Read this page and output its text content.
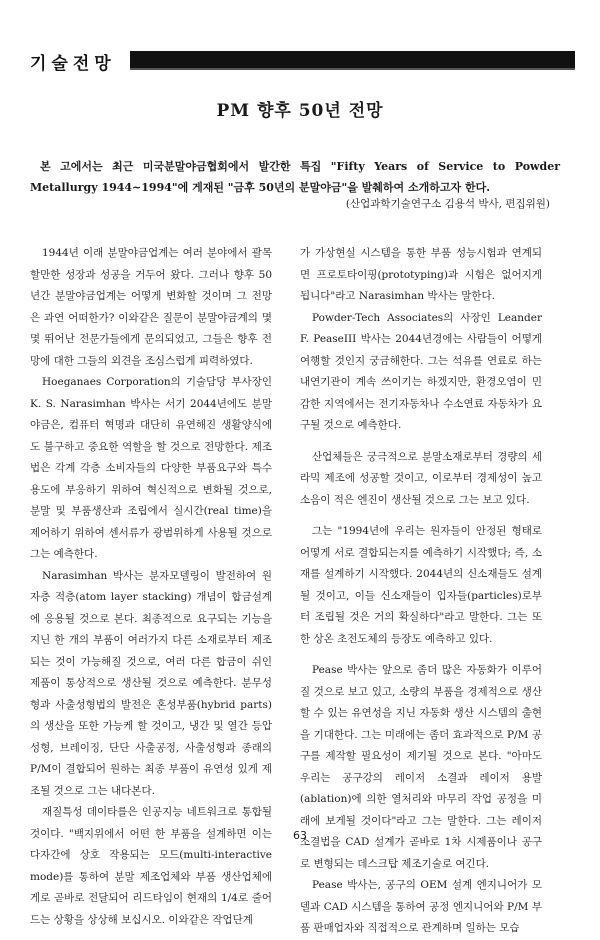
기술전망
PM 향후 50년 전망
본 고에서는 최근 미국분말야금협회에서 발간한 특집 "Fifty Years of Service to Powder Metallurgy 1944~1994"에 게재된 "금후 50년의 분말야금"을 발췌하여 소개하고자 한다.
(산업과학기술연구소 김용석 박사, 편집위원)

1944년 이래 분말야금업계는 여러 분야에서 괄목할만한 성장과 성공을 거두어 왔다. 그러나 향후 50년간 분말야금업계는 어떻게 변화할 것이며 그 전망은 과연 어떠한가? 이와같은 질문이 분말야금계의 몇몇 뛰어난 전문가들에게 문의되었고, 그들은 향후 전망에 대한 그들의 외견을 조심스럽게 피력하였다.

Hoeganaes Corporation의 기술담당 부사장인 K. S. Narasimhan 박사는 서기 2044년에도 분말야금은, 컴퓨터 혁명과 대단히 유연해진 생활양식에도 불구하고 중요한 역할을 할 것으로 전망한다. 제조법은 각계 각층 소비자들의 다양한 부품요구와 특수용도에 부응하기 위하여 혁신적으로 변화될 것으로, 분말 및 부품생산과 조립에서 실시간(real time)을 제어하기 위하여 센서류가 광범위하게 사용될 것으로 그는 예측한다.

Narasimhan 박사는 분자모델링이 발전하여 원자층 적층(atom layer stacking) 개념이 합금설계에 응용될 것으로 본다. 최종적으로 요구되는 기능을 지닌 한 개의 부품이 여러가지 다른 소재로부터 제조되는 것이 가능해질 것으로, 여러 다른 합금이 쉬인 제품이 통상적으로 생산될 것으로 예측한다. 분무성형과 사출성형법의 발전은 혼성부품(hybrid parts)의 생산을 또한 가능케 할 것이고, 냉간 및 열간 등압성형, 브레이징, 단단 사출공정, 사출성형과 종래의 P/M이 결합되어 원하는 최종 부품이 유연성 있게 제조될 것으로 그는 내다본다.

재질특성 데이타를은 인공지능 네트워크로 통합될 것이다. "백지위에서 어떤 한 부품을 설계하면 이는 다자간에 상호 작용되는 모드(multi-interactive mode)를 통하여 분말 제조업체와 부품 생산업체에게로 곧바로 전달되어 리드타임이 현재의 1/4로 줄어드는 상황을 상상해 보십시오. 이와같은 작업단계

가 가상현실 시스템을 통한 부품 성능시험과 연계되면 프로토타이핑(prototyping)과 시험은 없어지게 됩니다"라고 Narasimhan 박사는 말한다.

Powder-Tech Associates의 사장인 Leander F. PeaseIII 박사는 2044년경에는 사람들이 어떻게 여행할 것인지 궁금해한다. 그는 석유를 연료로 하는 내연기관이 계속 쓰이기는 하겠지만, 환경오염이 민감한 지역에서는 전기자동차나 수소연료 자동차가 요구될 것으로 예측한다.

산업체들은 궁극적으로 분말소재로부터 경량의 세라믹 제조에 성공할 것이고, 이로부터 경제성이 높고 소음이 적은 엔진이 생산될 것으로 그는 보고 있다.

그는 "1994년에 우리는 원자들이 안정된 형태로 어떻게 서로 결합되는지를 예측하기 시작했다; 즉, 소재를 설계하기 시작했다. 2044년의 신소재들도 설계될 것이고, 이들 신소재들이 입자들(particles)로부터 조립될 것은 거의 확실하다"라고 말한다. 그는 또한 상온 초전도체의 등장도 예측하고 있다.

Pease 박사는 앞으로 좀더 많은 자동화가 이루어질 것으로 보고 있고, 소량의 부품을 경제적으로 생산할 수 있는 유연성을 지닌 자동화 생산 시스템의 출현을 기대한다. 그는 미래에는 좀더 효과적으로 P/M 공구를 제작할 필요성이 제기될 것으로 본다. "아마도 우리는 공구강의 레이저 소결과 레이저 용발(ablation)에 의한 열처리와 마무리 작업 공정을 미래에 보게될 것이다"라고 그는 말한다. 그는 레이저 소결법을 CAD 설계가 곧바로 1차 시제품이나 공구로 변형되는 데스크탑 제조기술로 여긴다.

Pease 박사는, 공구의 OEM 설계 엔지니어가 모델과 CAD 시스템을 통하여 공정 엔지니어와 P/M 부품 판매업자와 직접적으로 관계하며 일하는 모습

63
